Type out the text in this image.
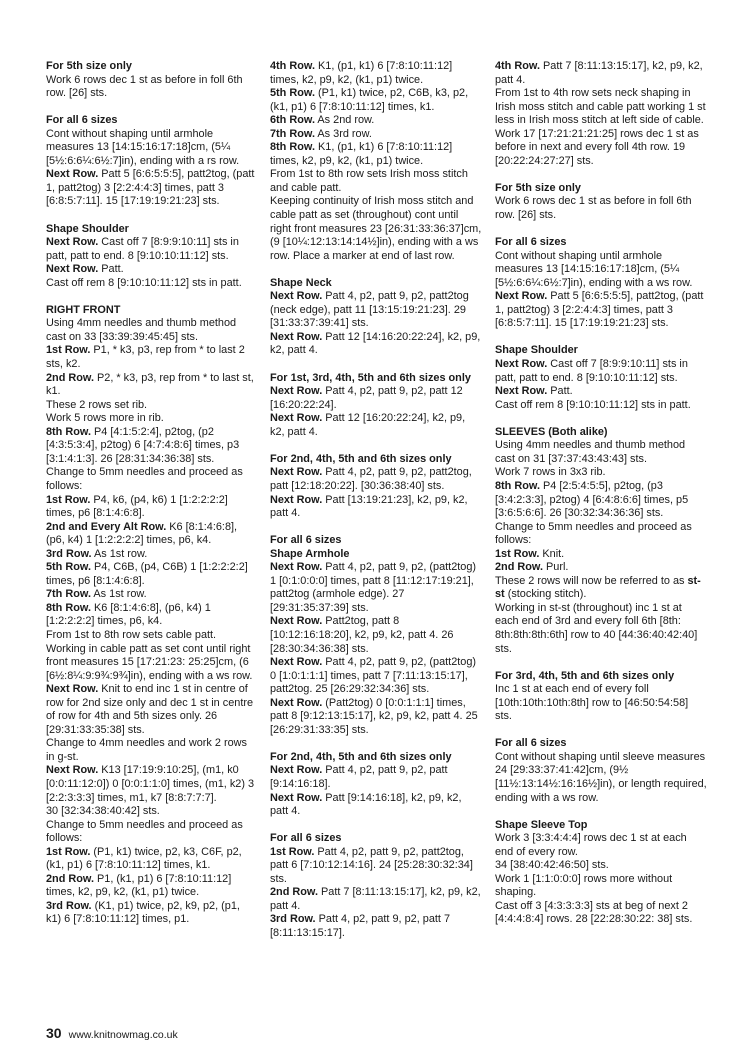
For 5th size only
Work 6 rows dec 1 st as before in foll 6th row. [26] sts.
For all 6 sizes
Cont without shaping until armhole measures 13 [14:15:16:17:18]cm, (5¼ [5½:6:6¼:6½:7]in), ending with a rs row.
Next Row. Patt 5 [6:6:5:5:5], patt2tog, (patt 1, patt2tog) 3 [2:2:4:4:3] times, patt 3 [6:8:5:7:11]. 15 [17:19:19:21:23] sts.
Shape Shoulder
Next Row. Cast off 7 [8:9:9:10:11] sts in patt, patt to end. 8 [9:10:10:11:12] sts.
Next Row. Patt.
Cast off rem 8 [9:10:10:11:12] sts in patt.
RIGHT FRONT
Using 4mm needles and thumb method cast on 33 [33:39:39:45:45] sts.
1st Row. P1, * k3, p3, rep from * to last 2 sts, k2.
2nd Row. P2, * k3, p3, rep from * to last st, k1.
These 2 rows set rib.
Work 5 rows more in rib.
8th Row. P4 [4:1:5:2:4], p2tog, (p2 [4:3:5:3:4], p2tog) 6 [4:7:4:8:6] times, p3 [3:1:4:1:3]. 26 [28:31:34:36:38] sts.
Change to 5mm needles and proceed as follows:
1st Row. P4, k6, (p4, k6) 1 [1:2:2:2:2] times, p6 [8:1:4:6:8].
2nd and Every Alt Row. K6 [8:1:4:6:8], (p6, k4) 1 [1:2:2:2:2] times, p6, k4.
3rd Row. As 1st row.
5th Row. P4, C6B, (p4, C6B) 1 [1:2:2:2:2] times, p6 [8:1:4:6:8].
7th Row. As 1st row.
8th Row. K6 [8:1:4:6:8], (p6, k4) 1 [1:2:2:2:2] times, p6, k4.
From 1st to 8th row sets cable patt.
Working in cable patt as set cont until right front measures 15 [17:21:23: 25:25]cm, (6 [6½:8¼:9:9¾:9¾]in), ending with a ws row.
Next Row. Knit to end inc 1 st in centre of row for 2nd size only and dec 1 st in centre of row for 4th and 5th sizes only. 26 [29:31:33:35:38] sts.
Change to 4mm needles and work 2 rows in g-st.
Next Row. K13 [17:19:9:10:25], (m1, k0 [0:0:11:12:0]) 0 [0:0:1:1:0] times, (m1, k2) 3 [2:2:3:3:3] times, m1, k7 [8:8:7:7:7].
30 [32:34:38:40:42] sts.
Change to 5mm needles and proceed as follows:
1st Row. (P1, k1) twice, p2, k3, C6F, p2, (k1, p1) 6 [7:8:10:11:12] times, k1.
2nd Row. P1, (k1, p1) 6 [7:8:10:11:12] times, k2, p9, k2, (k1, p1) twice.
3rd Row. (K1, p1) twice, p2, k9, p2, (p1, k1) 6 [7:8:10:11:12] times, p1.
4th Row. K1, (p1, k1) 6 [7:8:10:11:12] times, k2, p9, k2, (k1, p1) twice.
5th Row. (P1, k1) twice, p2, C6B, k3, p2, (k1, p1) 6 [7:8:10:11:12] times, k1.
6th Row. As 2nd row.
7th Row. As 3rd row.
8th Row. K1, (p1, k1) 6 [7:8:10:11:12] times, k2, p9, k2, (k1, p1) twice.
From 1st to 8th row sets Irish moss stitch and cable patt.
Keeping continuity of Irish moss stitch and cable patt as set (throughout) cont until right front measures 23 [26:31:33:36:37]cm, (9 [10¼:12:13:14:14½]in), ending with a ws row. Place a marker at end of last row.
Shape Neck
Next Row. Patt 4, p2, patt 9, p2, patt2tog (neck edge), patt 11 [13:15:19:21:23]. 29 [31:33:37:39:41] sts.
Next Row. Patt 12 [14:16:20:22:24], k2, p9, k2, patt 4.
For 1st, 3rd, 4th, 5th and 6th sizes only
Next Row. Patt 4, p2, patt 9, p2, patt 12 [16:20:22:24].
Next Row. Patt 12 [16:20:22:24], k2, p9, k2, patt 4.
For 2nd, 4th, 5th and 6th sizes only
Next Row. Patt 4, p2, patt 9, p2, patt2tog, patt [12:18:20:22]. [30:36:38:40] sts.
Next Row. Patt [13:19:21:23], k2, p9, k2, patt 4.
For all 6 sizes
Shape Armhole
Next Row. Patt 4, p2, patt 9, p2, (patt2tog) 1 [0:1:0:0:0] times, patt 8 [11:12:17:19:21], patt2tog (armhole edge). 27 [29:31:35:37:39] sts.
Next Row. Patt2tog, patt 8 [10:12:16:18:20], k2, p9, k2, patt 4. 26 [28:30:34:36:38] sts.
Next Row. Patt 4, p2, patt 9, p2, (patt2tog) 0 [1:0:1:1:1] times, patt 7 [7:11:13:15:17], patt2tog. 25 [26:29:32:34:36] sts.
Next Row. (Patt2tog) 0 [0:0:1:1:1] times, patt 8 [9:12:13:15:17], k2, p9, k2, patt 4. 25 [26:29:31:33:35] sts.
For 2nd, 4th, 5th and 6th sizes only
Next Row. Patt 4, p2, patt 9, p2, patt [9:14:16:18].
Next Row. Patt [9:14:16:18], k2, p9, k2, patt 4.
For all 6 sizes
1st Row. Patt 4, p2, patt 9, p2, patt2tog, patt 6 [7:10:12:14:16]. 24 [25:28:30:32:34] sts.
2nd Row. Patt 7 [8:11:13:15:17], k2, p9, k2, patt 4.
3rd Row. Patt 4, p2, patt 9, p2, patt 7 [8:11:13:15:17].
4th Row. Patt 7 [8:11:13:15:17], k2, p9, k2, patt 4.
From 1st to 4th row sets neck shaping in Irish moss stitch and cable patt working 1 st less in Irish moss stitch at left side of cable.
Work 17 [17:21:21:21:25] rows dec 1 st as before in next and every foll 4th row. 19 [20:22:24:27:27] sts.
For 5th size only
Work 6 rows dec 1 st as before in foll 6th row. [26] sts.
For all 6 sizes
Cont without shaping until armhole measures 13 [14:15:16:17:18]cm, (5¼ [5½:6:6¼:6½:7]in), ending with a ws row.
Next Row. Patt 5 [6:6:5:5:5], patt2tog, (patt 1, patt2tog) 3 [2:2:4:4:3] times, patt 3 [6:8:5:7:11]. 15 [17:19:19:21:23] sts.
Shape Shoulder
Next Row. Cast off 7 [8:9:9:10:11] sts in patt, patt to end. 8 [9:10:10:11:12] sts.
Next Row. Patt.
Cast off rem 8 [9:10:10:11:12] sts in patt.
SLEEVES (Both alike)
Using 4mm needles and thumb method cast on 31 [37:37:43:43:43] sts.
Work 7 rows in 3x3 rib.
8th Row. P4 [2:5:4:5:5], p2tog, (p3 [3:4:2:3:3], p2tog) 4 [6:4:8:6:6] times, p5 [3:6:5:6:6]. 26 [30:32:34:36:36] sts.
Change to 5mm needles and proceed as follows:
1st Row. Knit.
2nd Row. Purl.
These 2 rows will now be referred to as st-st (stocking stitch).
Working in st-st (throughout) inc 1 st at each end of 3rd and every foll 6th [8th: 8th:8th:8th:6th] row to 40 [44:36:40:42:40] sts.
For 3rd, 4th, 5th and 6th sizes only
Inc 1 st at each end of every foll [10th:10th:10th:8th] row to [46:50:54:58] sts.
For all 6 sizes
Cont without shaping until sleeve measures 24 [29:33:37:41:42]cm, (9½ [11½:13:14½:16:16½]in), or length required, ending with a ws row.
Shape Sleeve Top
Work 3 [3:3:4:4:4] rows dec 1 st at each end of every row.
34 [38:40:42:46:50] sts.
Work 1 [1:1:0:0:0] rows more without shaping.
Cast off 3 [4:3:3:3:3] sts at beg of next 2 [4:4:4:8:4] rows. 28 [22:28:30:22: 38] sts.
30 www.knitnowmag.co.uk
